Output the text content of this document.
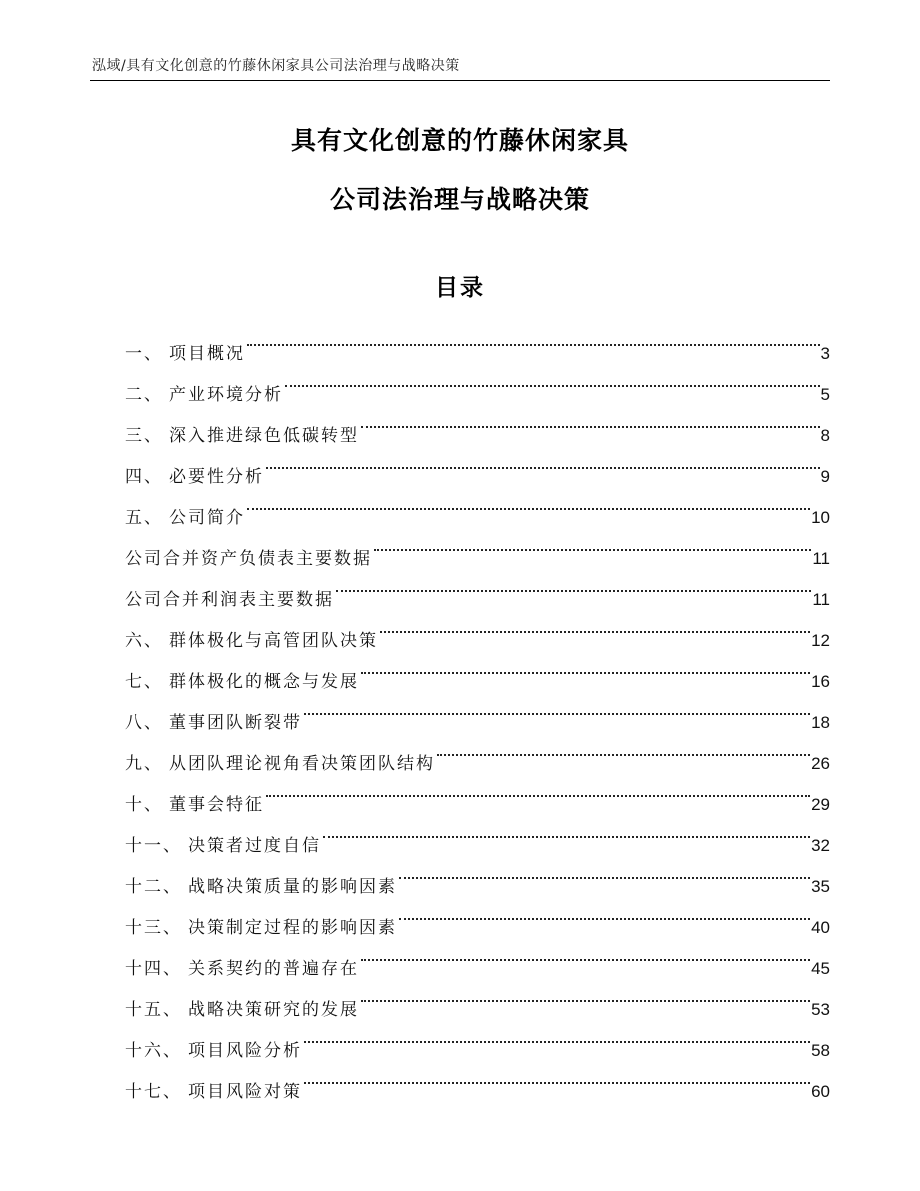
泓域/具有文化创意的竹藤休闲家具公司法治理与战略决策
具有文化创意的竹藤休闲家具
公司法治理与战略决策
目录
一、 项目概况	3
二、 产业环境分析	5
三、 深入推进绿色低碳转型	8
四、 必要性分析	9
五、 公司简介	10
公司合并资产负债表主要数据	11
公司合并利润表主要数据	11
六、 群体极化与高管团队决策	12
七、 群体极化的概念与发展	16
八、 董事团队断裂带	18
九、 从团队理论视角看决策团队结构	26
十、 董事会特征	29
十一、 决策者过度自信	32
十二、 战略决策质量的影响因素	35
十三、 决策制定过程的影响因素	40
十四、 关系契约的普遍存在	45
十五、 战略决策研究的发展	53
十六、 项目风险分析	58
十七、 项目风险对策	60
